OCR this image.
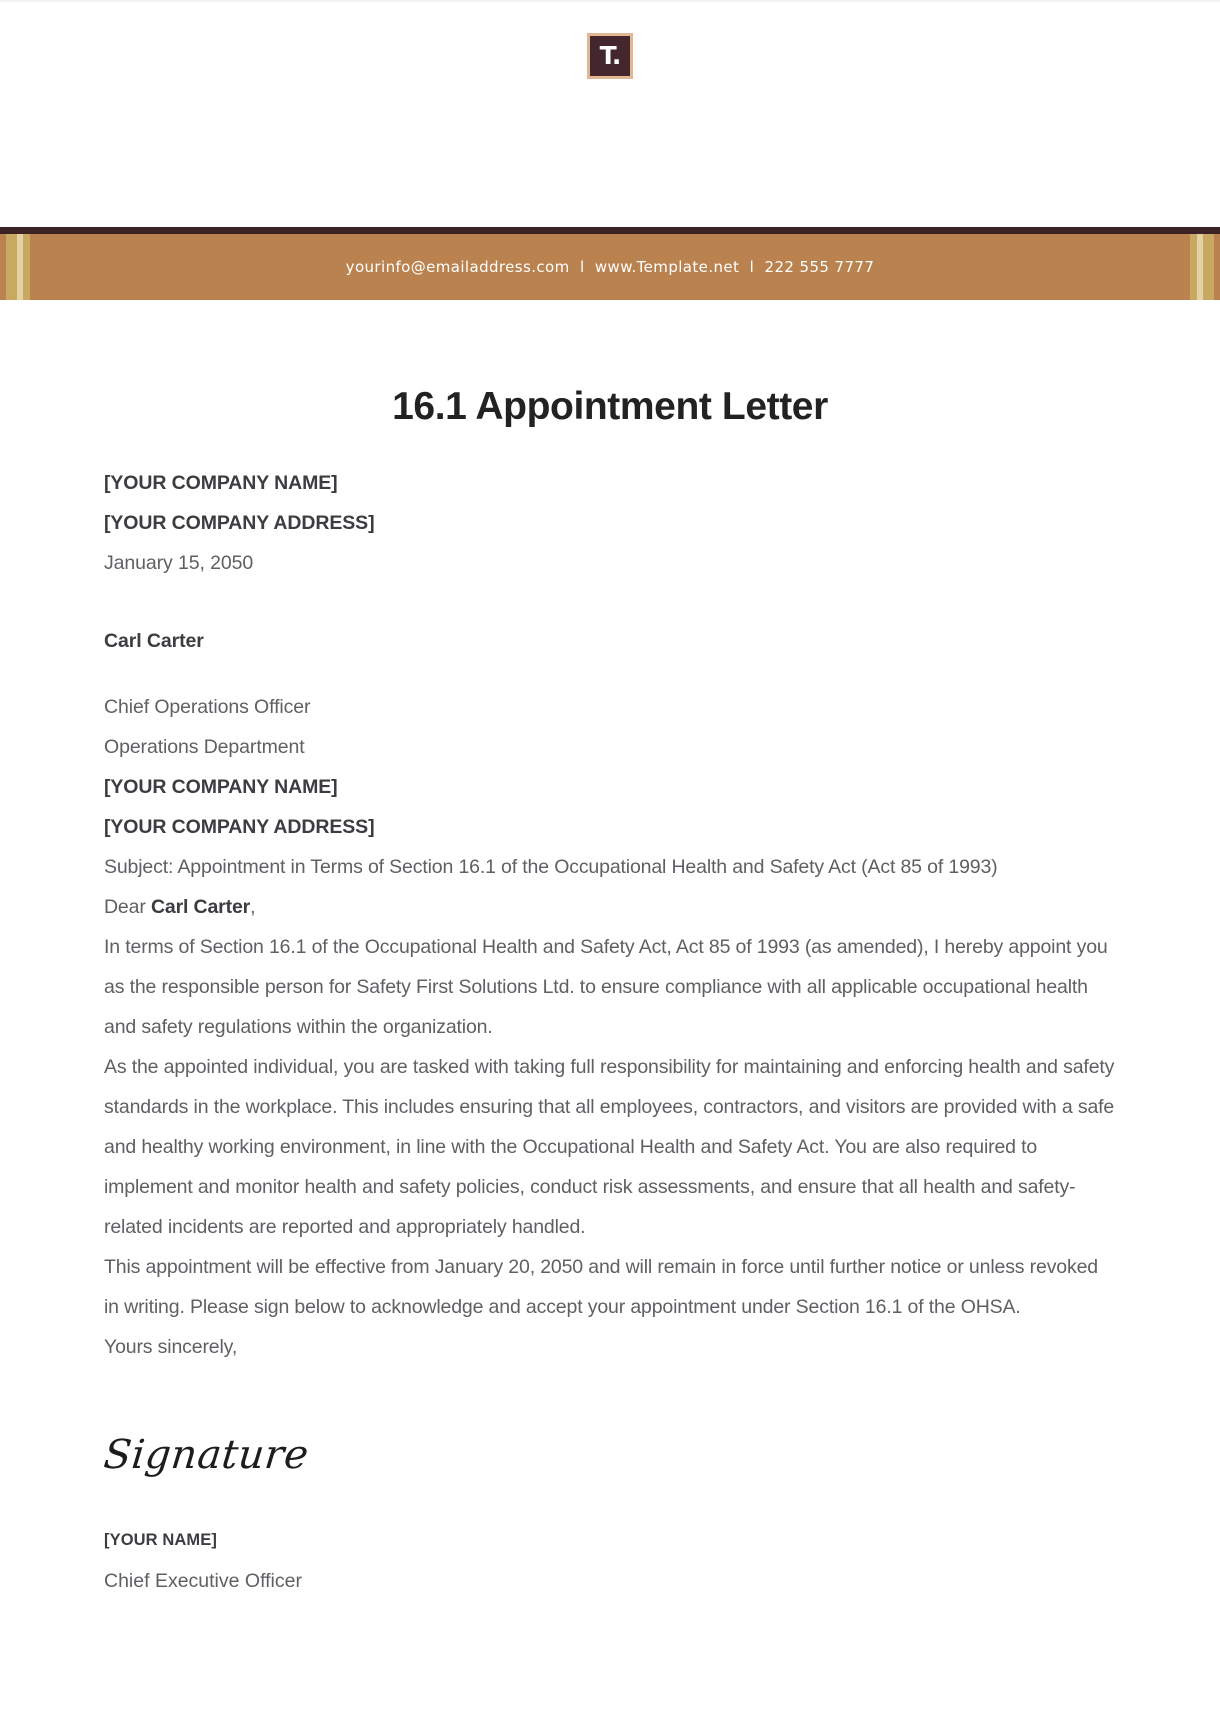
T.
yourinfo@emailaddress.com  l  www.Template.net  l  222 555 7777
16.1 Appointment Letter

[YOUR COMPANY NAME]

[YOUR COMPANY ADDRESS]

January 15, 2050

Carl Carter

Chief Operations Officer

Operations Department

[YOUR COMPANY NAME]

[YOUR COMPANY ADDRESS]

Subject: Appointment in Terms of Section 16.1 of the Occupational Health and Safety Act (Act 85 of 1993)

Dear Carl Carter,

In terms of Section 16.1 of the Occupational Health and Safety Act, Act 85 of 1993 (as amended), I hereby appoint you as the responsible person for Safety First Solutions Ltd. to ensure compliance with all applicable occupational health and safety regulations within the organization.

As the appointed individual, you are tasked with taking full responsibility for maintaining and enforcing health and safety standards in the workplace. This includes ensuring that all employees, contractors, and visitors are provided with a safe and healthy working environment, in line with the Occupational Health and Safety Act. You are also required to implement and monitor health and safety policies, conduct risk assessments, and ensure that all health and safety-related incidents are reported and appropriately handled.

This appointment will be effective from January 20, 2050 and will remain in force until further notice or unless revoked in writing. Please sign below to acknowledge and accept your appointment under Section 16.1 of the OHSA.

Yours sincerely,

Signature

[YOUR NAME]

Chief Executive Officer
